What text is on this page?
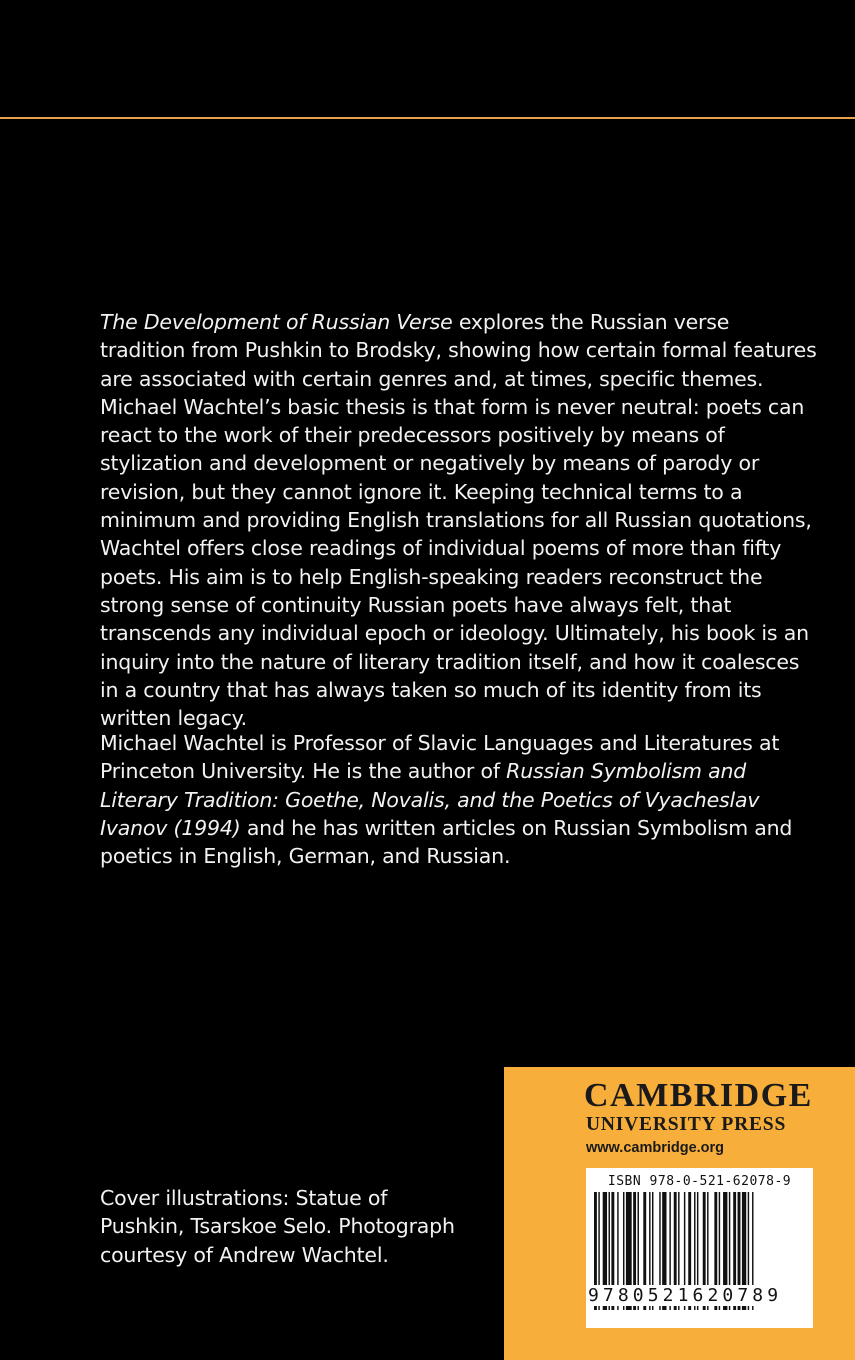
The Development of Russian Verse explores the Russian verse tradition from Pushkin to Brodsky, showing how certain formal features are associated with certain genres and, at times, specific themes. Michael Wachtel’s basic thesis is that form is never neutral: poets can react to the work of their predecessors positively by means of stylization and development or negatively by means of parody or revision, but they cannot ignore it. Keeping technical terms to a minimum and providing English translations for all Russian quotations, Wachtel offers close readings of individual poems of more than fifty poets. His aim is to help English-speaking readers reconstruct the strong sense of continuity Russian poets have always felt, that transcends any individual epoch or ideology. Ultimately, his book is an inquiry into the nature of literary tradition itself, and how it coalesces in a country that has always taken so much of its identity from its written legacy.

Michael Wachtel is Professor of Slavic Languages and Literatures at Princeton University. He is the author of Russian Symbolism and Literary Tradition: Goethe, Novalis, and the Poetics of Vyacheslav Ivanov (1994) and he has written articles on Russian Symbolism and poetics in English, German, and Russian.

Cover illustrations: Statue of Pushkin, Tsarskoe Selo. Photograph courtesy of Andrew Wachtel.

CAMBRIDGE
UNIVERSITY PRESS
www.cambridge.org
ISBN 978-0-521-62078-9
9780521620789
